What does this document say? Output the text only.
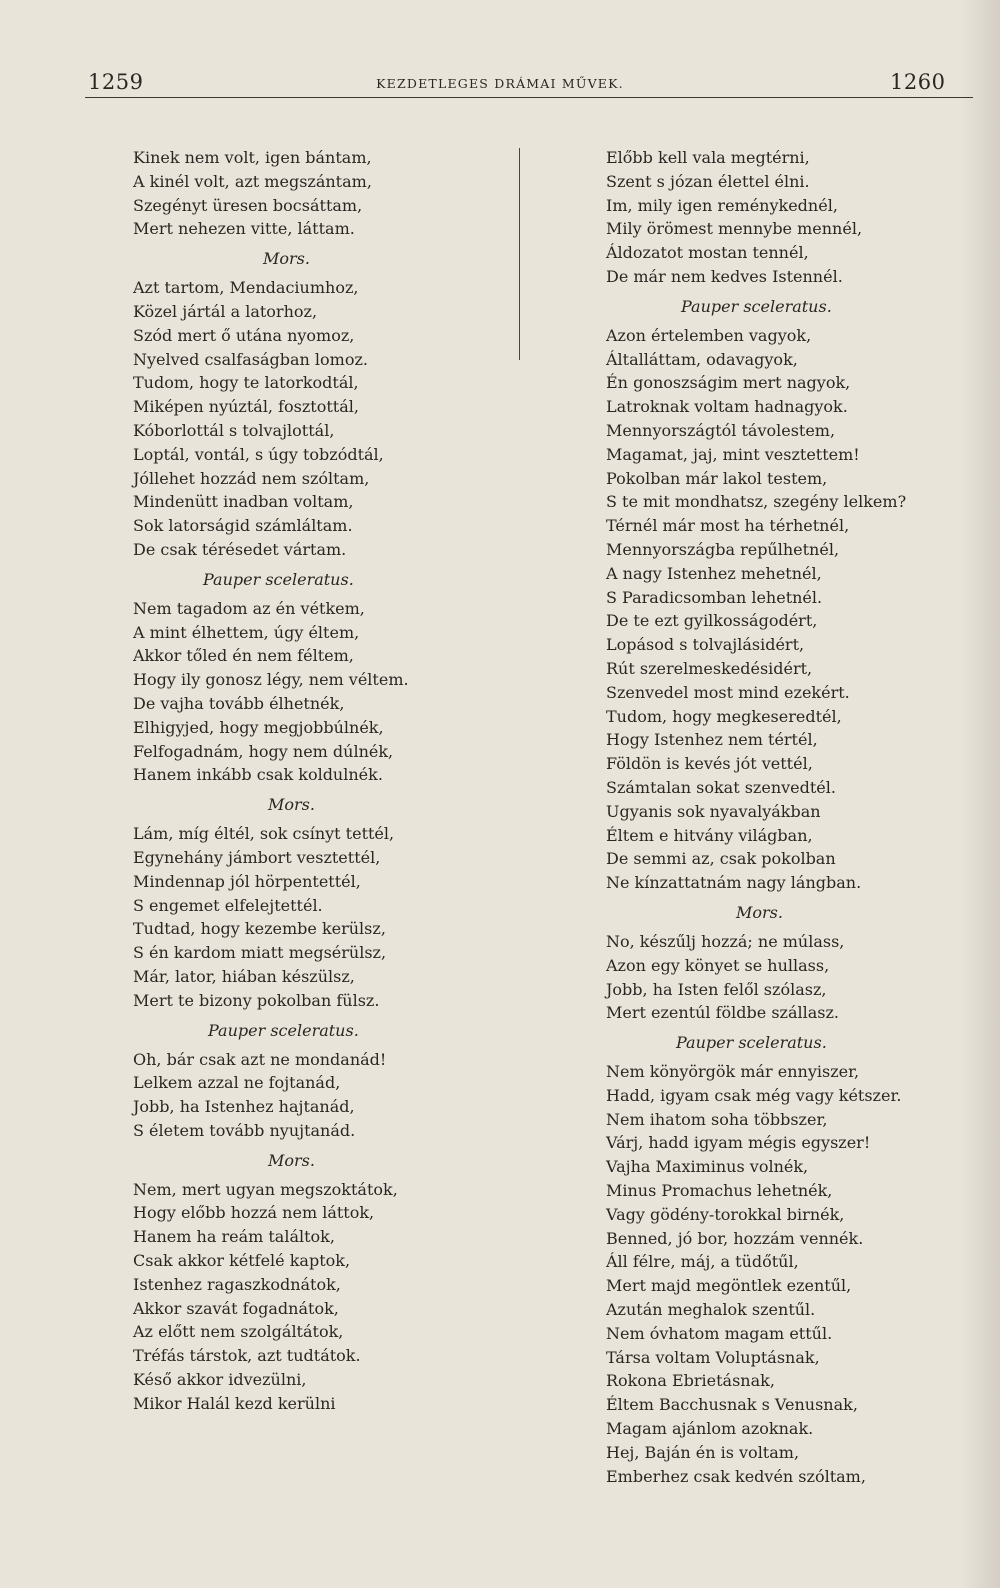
1259	KEZDETLEGES DRÁMAI MŰVEK.	1260
Kinek nem volt, igen bántam,
A kinél volt, azt megszántam,
Szegényt üresen bocsáttam,
Mert nehezen vitte, láttam.
Mors.
Azt tartom, Mendaciumhoz,
Közel jártál a latorhoz,
Szód mert ő utána nyomoz,
Nyelved csalfaságban lomoz.
Tudom, hogy te latorkodtál,
Miképen nyúztál, fosztottál,
Kóborlottál s tolvajlottál,
Loptál, vontál, s úgy tobzódtál,
Jóllehet hozzád nem szóltam,
Mindenütt inadban voltam,
Sok latorságid számláltam.
De csak térésedet vártam.
Pauper sceleratus.
Nem tagadom az én vétkem,
A mint élhettem, úgy éltem,
Akkor tőled én nem féltem,
Hogy ily gonosz légy, nem véltem.
De vajha tovább élhetnék,
Elhigyjed, hogy megjobbúlnék,
Felfogadnám, hogy nem dúlnék,
Hanem inkább csak koldulnék.
Mors.
Lám, míg éltél, sok csínyt tettél,
Egynehány jámbort vesztettél,
Mindennap jól hörpentettél,
S engemet elfelejtettél.
Tudtad, hogy kezembe kerülsz,
S én kardom miatt megsérülsz,
Már, lator, hiában készülsz,
Mert te bizony pokolban fülsz.
Pauper sceleratus.
Oh, bár csak azt ne mondanád!
Lelkem azzal ne fojtanád,
Jobb, ha Istenhez hajtanád,
S életem tovább nyujtanád.
Mors.
Nem, mert ugyan megszoktátok,
Hogy előbb hozzá nem láttok,
Hanem ha reám találtok,
Csak akkor kétfelé kaptok,
Istenhez ragaszkodnátok,
Akkor szavát fogadnátok,
Az előtt nem szolgáltátok,
Tréfás társtok, azt tudtátok.
Késő akkor idvezülni,
Mikor Halál kezd kerülni
Előbb kell vala megtérni,
Szent s józan élettel élni.
Im, mily igen reménykednél,
Mily örömest mennybe mennél,
Áldozatot mostan tennél,
De már nem kedves Istennél.
Pauper sceleratus.
Azon értelemben vagyok,
Általláttam, odavagyok,
Én gonoszságim mert nagyok,
Latroknak voltam hadnagyok.
Mennyországtól távolestem,
Magamat, jaj, mint vesztettem!
Pokolban már lakol testem,
S te mit mondhatsz, szegény lelkem?
Térnél már most ha térhetnél,
Mennyországba repűlhetnél,
A nagy Istenhez mehetnél,
S Paradicsomban lehetnél.
De te ezt gyilkosságodért,
Lopásod s tolvajlásidért,
Rút szerelmeskedésidért,
Szenvedel most mind ezekért.
Tudom, hogy megkeseredtél,
Hogy Istenhez nem tértél,
Földön is kevés jót vettél,
Számtalan sokat szenvedtél.
Ugyanis sok nyavalyákban
Éltem e hitvány világban,
De semmi az, csak pokolban
Ne kínzattatnám nagy lángban.
Mors.
No, készűlj hozzá; ne múlass,
Azon egy könyet se hullass,
Jobb, ha Isten felől szólasz,
Mert ezentúl földbe szállasz.
Pauper sceleratus.
Nem könyörgök már ennyiszer,
Hadd, igyam csak még vagy kétszer.
Nem ihatom soha többszer,
Várj, hadd igyam mégis egyszer!
Vajha Maximinus volnék,
Minus Promachus lehetnék,
Vagy gödény-torokkal birnék,
Benned, jó bor, hozzám vennék.
Áll félre, máj, a tüdőtűl,
Mert majd megöntlek ezentűl,
Azután meghalok szentűl.
Nem óvhatom magam ettűl.
Társa voltam Voluptásnak,
Rokona Ebrietásnak,
Éltem Bacchusnak s Venusnak,
Magam ajánlom azoknak.
Hej, Baján én is voltam,
Emberhez csak kedvén szóltam,
